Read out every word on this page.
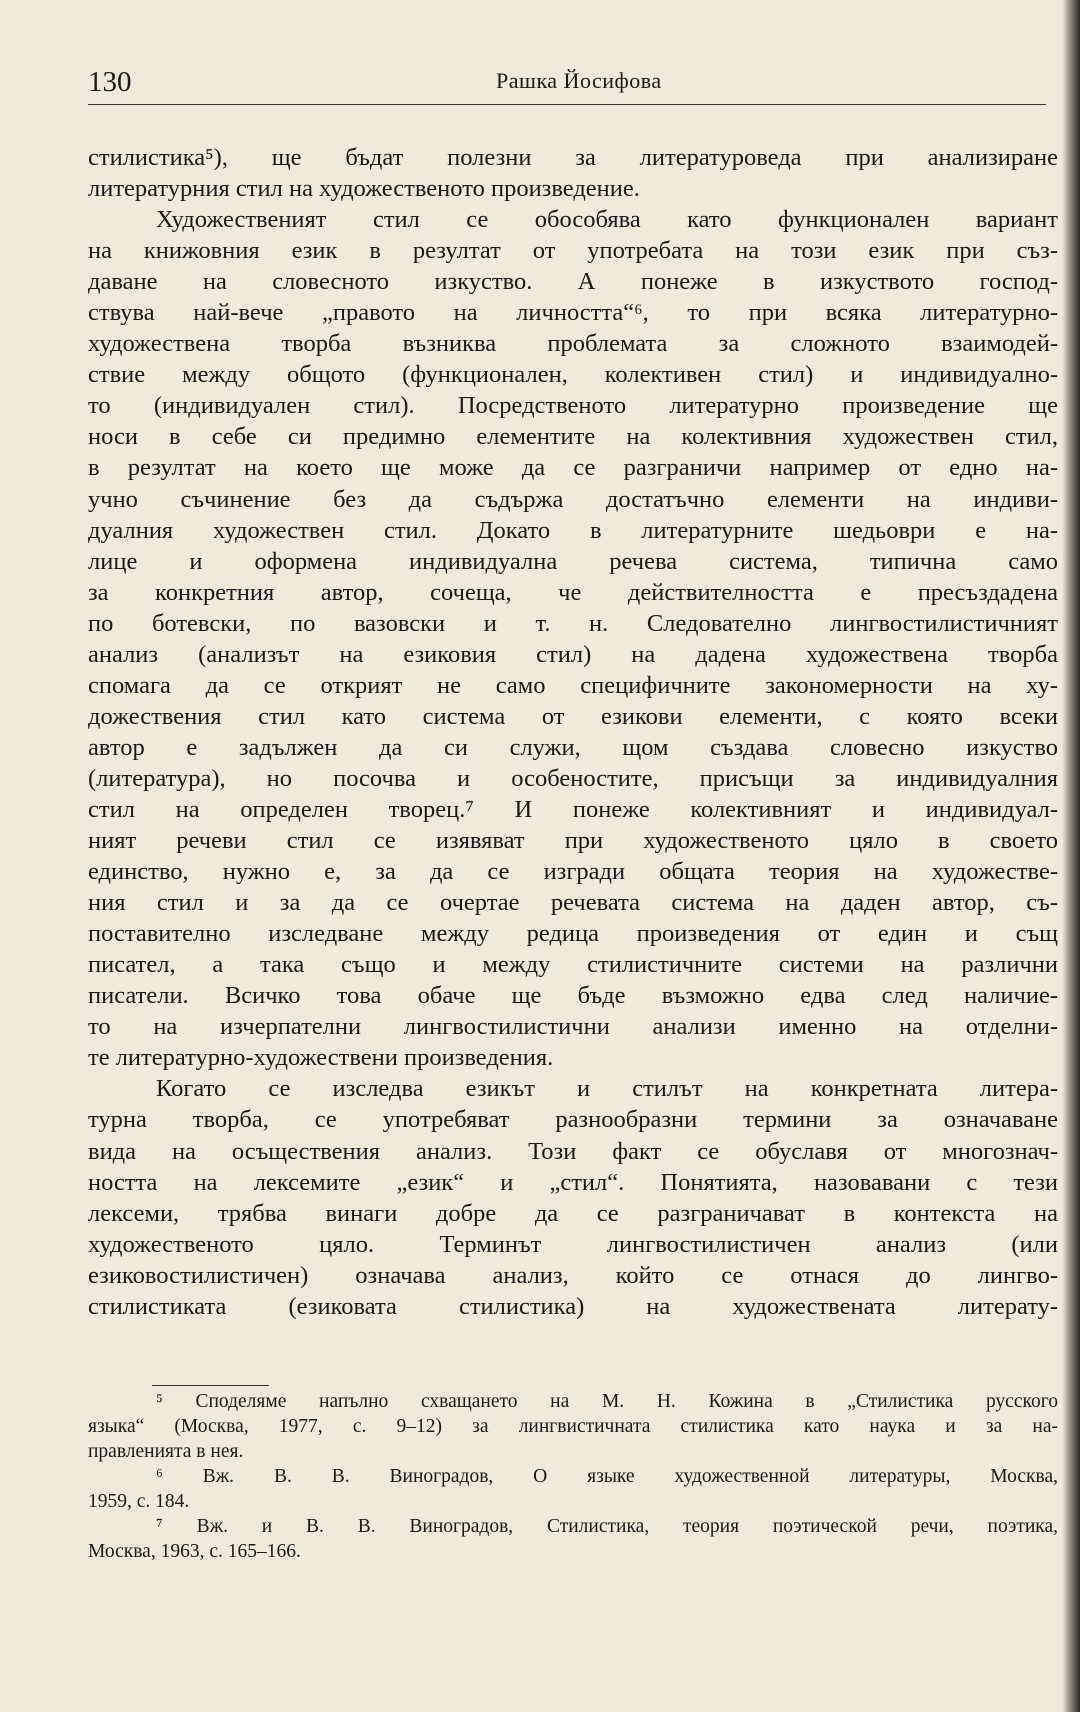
130	Рашка Йосифова
стилистика⁵), ще бъдат полезни за литературоведа при анализиране
литературния стил на художественото произведение.
Художественият стил се обособява като функционален вариант
на книжовния език в резултат от употребата на този език при съз-
даване на словесното изкуство. А понеже в изкуството господ-
ствува най-вече „правото на личността“⁶, то при всяка литературно-
художествена творба възниква проблемата за сложното взаимодей-
ствие между общото (функционален, колективен стил) и индивидуално-
то (индивидуален стил). Посредственото литературно произведение ще
носи в себе си предимно елементите на колективния художествен стил,
в резултат на което ще може да се разграничи например от едно на-
учно съчинение без да съдържа достатъчно елементи на индиви-
дуалния художествен стил. Докато в литературните шедьоври е на-
лице и оформена индивидуална речева система, типична само
за конкретния автор, сочеща, че действителността е пресъздадена
по ботевски, по вазовски и т. н. Следователно лингвостилистичният
анализ (анализът на езиковия стил) на дадена художествена творба
спомага да се открият не само специфичните закономерности на ху-
дожествения стил като система от езикови елементи, с която всеки
автор е задължен да си служи, щом създава словесно изкуство
(литература), но посочва и особеностите, присъщи за индивидуалния
стил на определен творец.⁷ И понеже колективният и индивидуал-
ният речеви стил се изявяват при художественото цяло в своето
единство, нужно е, за да се изгради общата теория на художестве-
ния стил и за да се очертае речевата система на даден автор, съ-
поставително изследване между редица произведения от един и същ
писател, а така също и между стилистичните системи на различни
писатели. Всичко това обаче ще бъде възможно едва след наличие-
то на изчерпателни лингвостилистични анализи именно на отделни-
те литературно-художествени произведения.
Когато се изследва езикът и стилът на конкретната литера-
турна творба, се употребяват разнообразни термини за означаване
вида на осъществения анализ. Този факт се обуславя от многознач-
ността на лексемите „език“ и „стил“. Понятията, назовавани с тези
лексеми, трябва винаги добре да се разграничават в контекста на
художественото цяло. Терминът лингвостилистичен анализ (или
езиковостилистичен) означава анализ, който се отнася до лингво-
стилистиката (езиковата стилистика) на художествената литерату-
⁵ Споделяме напълно схващането на М. Н. Кожина в „Стилистика русского
языка“ (Москва, 1977, с. 9–12) за лингвистичната стилистика като наука и за на-
правленията в нея.
⁶ Вж. В. В. Виноградов, О языке художественной литературы, Москва,
1959, с. 184.
⁷ Вж. и В. В. Виноградов, Стилистика, теория поэтической речи, поэтика,
Москва, 1963, с. 165–166.
